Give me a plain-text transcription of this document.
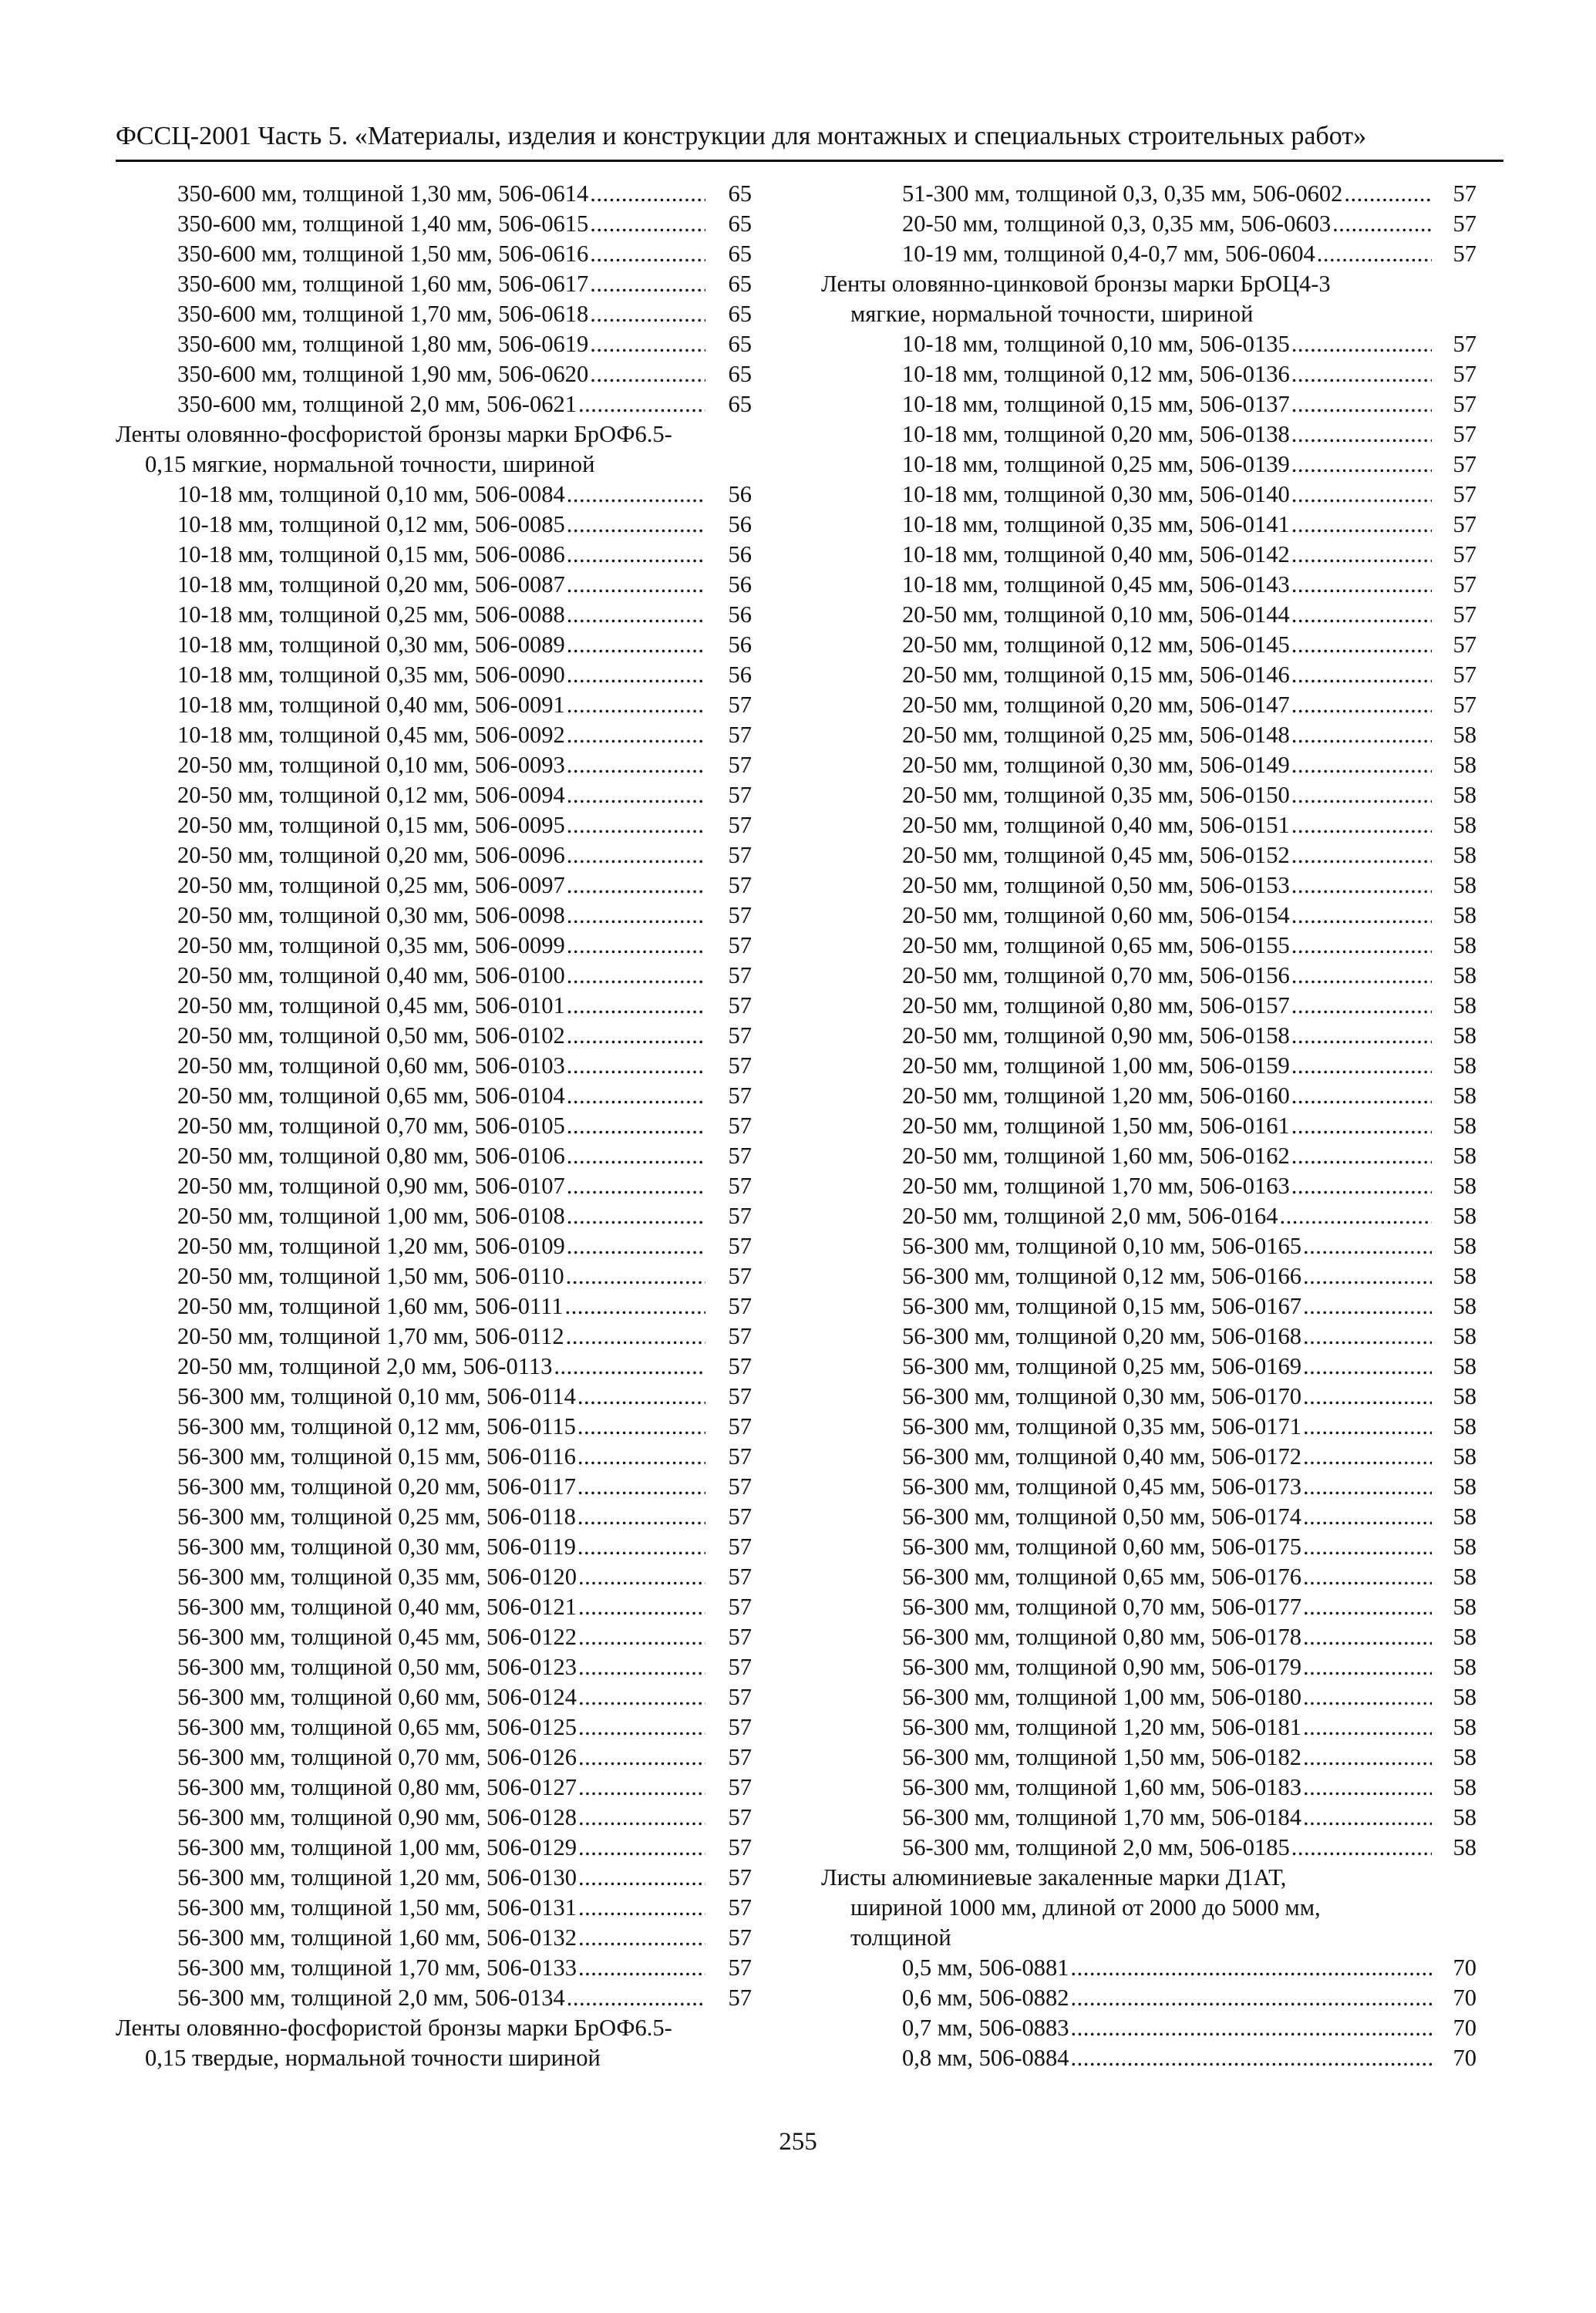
ФССЦ-2001 Часть 5. «Материалы, изделия и конструкции для монтажных и специальных строительных работ»
350-600 мм, толщиной 1,30 мм, 506-0614 .....	65
350-600 мм, толщиной 1,40 мм, 506-0615 .....	65
350-600 мм, толщиной 1,50 мм, 506-0616 .....	65
350-600 мм, толщиной 1,60 мм, 506-0617 .....	65
350-600 мм, толщиной 1,70 мм, 506-0618 .....	65
350-600 мм, толщиной 1,80 мм, 506-0619 .....	65
350-600 мм, толщиной 1,90 мм, 506-0620 .....	65
350-600 мм, толщиной 2,0 мм, 506-0621 .....	65
Ленты оловянно-фосфористой бронзы марки БрОФ6.5-
0,15 мягкие, нормальной точности, шириной
10-18 мм, толщиной 0,10 мм, 506-0084 .....	56
10-18 мм, толщиной 0,12 мм, 506-0085 .....	56
10-18 мм, толщиной 0,15 мм, 506-0086 .....	56
10-18 мм, толщиной 0,20 мм, 506-0087 .....	56
10-18 мм, толщиной 0,25 мм, 506-0088 .....	56
10-18 мм, толщиной 0,30 мм, 506-0089 .....	56
10-18 мм, толщиной 0,35 мм, 506-0090 .....	56
10-18 мм, толщиной 0,40 мм, 506-0091 .....	57
10-18 мм, толщиной 0,45 мм, 506-0092 .....	57
20-50 мм, толщиной 0,10 мм, 506-0093 .....	57
20-50 мм, толщиной 0,12 мм, 506-0094 .....	57
20-50 мм, толщиной 0,15 мм, 506-0095 .....	57
20-50 мм, толщиной 0,20 мм, 506-0096 .....	57
20-50 мм, толщиной 0,25 мм, 506-0097 .....	57
20-50 мм, толщиной 0,30 мм, 506-0098 .....	57
20-50 мм, толщиной 0,35 мм, 506-0099 .....	57
20-50 мм, толщиной 0,40 мм, 506-0100 .....	57
20-50 мм, толщиной 0,45 мм, 506-0101 .....	57
20-50 мм, толщиной 0,50 мм, 506-0102 .....	57
20-50 мм, толщиной 0,60 мм, 506-0103 .....	57
20-50 мм, толщиной 0,65 мм, 506-0104 .....	57
20-50 мм, толщиной 0,70 мм, 506-0105 .....	57
20-50 мм, толщиной 0,80 мм, 506-0106 .....	57
20-50 мм, толщиной 0,90 мм, 506-0107 .....	57
20-50 мм, толщиной 1,00 мм, 506-0108 .....	57
20-50 мм, толщиной 1,20 мм, 506-0109 .....	57
20-50 мм, толщиной 1,50 мм, 506-0110 .....	57
20-50 мм, толщиной 1,60 мм, 506-0111 .....	57
20-50 мм, толщиной 1,70 мм, 506-0112 .....	57
20-50 мм, толщиной 2,0 мм, 506-0113 .....	57
56-300 мм, толщиной 0,10 мм, 506-0114 .....	57
56-300 мм, толщиной 0,12 мм, 506-0115 .....	57
56-300 мм, толщиной 0,15 мм, 506-0116 .....	57
56-300 мм, толщиной 0,20 мм, 506-0117 .....	57
56-300 мм, толщиной 0,25 мм, 506-0118 .....	57
56-300 мм, толщиной 0,30 мм, 506-0119 .....	57
56-300 мм, толщиной 0,35 мм, 506-0120 .....	57
56-300 мм, толщиной 0,40 мм, 506-0121 .....	57
56-300 мм, толщиной 0,45 мм, 506-0122 .....	57
56-300 мм, толщиной 0,50 мм, 506-0123 .....	57
56-300 мм, толщиной 0,60 мм, 506-0124 .....	57
56-300 мм, толщиной 0,65 мм, 506-0125 .....	57
56-300 мм, толщиной 0,70 мм, 506-0126 .....	57
56-300 мм, толщиной 0,80 мм, 506-0127 .....	57
56-300 мм, толщиной 0,90 мм, 506-0128 .....	57
56-300 мм, толщиной 1,00 мм, 506-0129 .....	57
56-300 мм, толщиной 1,20 мм, 506-0130 .....	57
56-300 мм, толщиной 1,50 мм, 506-0131 .....	57
56-300 мм, толщиной 1,60 мм, 506-0132 .....	57
56-300 мм, толщиной 1,70 мм, 506-0133 .....	57
56-300 мм, толщиной 2,0 мм, 506-0134 .....	57
Ленты оловянно-фосфористой бронзы марки БрОФ6.5-
0,15 твердые, нормальной точности шириной
51-300 мм, толщиной 0,3, 0,35 мм, 506-0602 .....	57
20-50 мм, толщиной 0,3, 0,35 мм, 506-0603 .....	57
10-19 мм, толщиной 0,4-0,7 мм, 506-0604 .....	57
Ленты оловянно-цинковой бронзы марки БрОЦ4-3
мягкие, нормальной точности, шириной
10-18 мм, толщиной 0,10 мм, 506-0135 .....	57
10-18 мм, толщиной 0,12 мм, 506-0136 .....	57
10-18 мм, толщиной 0,15 мм, 506-0137 .....	57
10-18 мм, толщиной 0,20 мм, 506-0138 .....	57
10-18 мм, толщиной 0,25 мм, 506-0139 .....	57
10-18 мм, толщиной 0,30 мм, 506-0140 .....	57
10-18 мм, толщиной 0,35 мм, 506-0141 .....	57
10-18 мм, толщиной 0,40 мм, 506-0142 .....	57
10-18 мм, толщиной 0,45 мм, 506-0143 .....	57
20-50 мм, толщиной 0,10 мм, 506-0144 .....	57
20-50 мм, толщиной 0,12 мм, 506-0145 .....	57
20-50 мм, толщиной 0,15 мм, 506-0146 .....	57
20-50 мм, толщиной 0,20 мм, 506-0147 .....	57
20-50 мм, толщиной 0,25 мм, 506-0148 .....	58
20-50 мм, толщиной 0,30 мм, 506-0149 .....	58
20-50 мм, толщиной 0,35 мм, 506-0150 .....	58
20-50 мм, толщиной 0,40 мм, 506-0151 .....	58
20-50 мм, толщиной 0,45 мм, 506-0152 .....	58
20-50 мм, толщиной 0,50 мм, 506-0153 .....	58
20-50 мм, толщиной 0,60 мм, 506-0154 .....	58
20-50 мм, толщиной 0,65 мм, 506-0155 .....	58
20-50 мм, толщиной 0,70 мм, 506-0156 .....	58
20-50 мм, толщиной 0,80 мм, 506-0157 .....	58
20-50 мм, толщиной 0,90 мм, 506-0158 .....	58
20-50 мм, толщиной 1,00 мм, 506-0159 .....	58
20-50 мм, толщиной 1,20 мм, 506-0160 .....	58
20-50 мм, толщиной 1,50 мм, 506-0161 .....	58
20-50 мм, толщиной 1,60 мм, 506-0162 .....	58
20-50 мм, толщиной 1,70 мм, 506-0163 .....	58
20-50 мм, толщиной 2,0 мм, 506-0164 .....	58
56-300 мм, толщиной 0,10 мм, 506-0165 .....	58
56-300 мм, толщиной 0,12 мм, 506-0166 .....	58
56-300 мм, толщиной 0,15 мм, 506-0167 .....	58
56-300 мм, толщиной 0,20 мм, 506-0168 .....	58
56-300 мм, толщиной 0,25 мм, 506-0169 .....	58
56-300 мм, толщиной 0,30 мм, 506-0170 .....	58
56-300 мм, толщиной 0,35 мм, 506-0171 .....	58
56-300 мм, толщиной 0,40 мм, 506-0172 .....	58
56-300 мм, толщиной 0,45 мм, 506-0173 .....	58
56-300 мм, толщиной 0,50 мм, 506-0174 .....	58
56-300 мм, толщиной 0,60 мм, 506-0175 .....	58
56-300 мм, толщиной 0,65 мм, 506-0176 .....	58
56-300 мм, толщиной 0,70 мм, 506-0177 .....	58
56-300 мм, толщиной 0,80 мм, 506-0178 .....	58
56-300 мм, толщиной 0,90 мм, 506-0179 .....	58
56-300 мм, толщиной 1,00 мм, 506-0180 .....	58
56-300 мм, толщиной 1,20 мм, 506-0181 .....	58
56-300 мм, толщиной 1,50 мм, 506-0182 .....	58
56-300 мм, толщиной 1,60 мм, 506-0183 .....	58
56-300 мм, толщиной 1,70 мм, 506-0184 .....	58
56-300 мм, толщиной 2,0 мм, 506-0185 .....	58
Листы алюминиевые закаленные марки Д1АТ,
шириной 1000 мм, длиной от 2000 до 5000 мм,
толщиной
0,5 мм, 506-0881 .....	70
0,6 мм, 506-0882 .....	70
0,7 мм, 506-0883 .....	70
0,8 мм, 506-0884 .....	70
255
